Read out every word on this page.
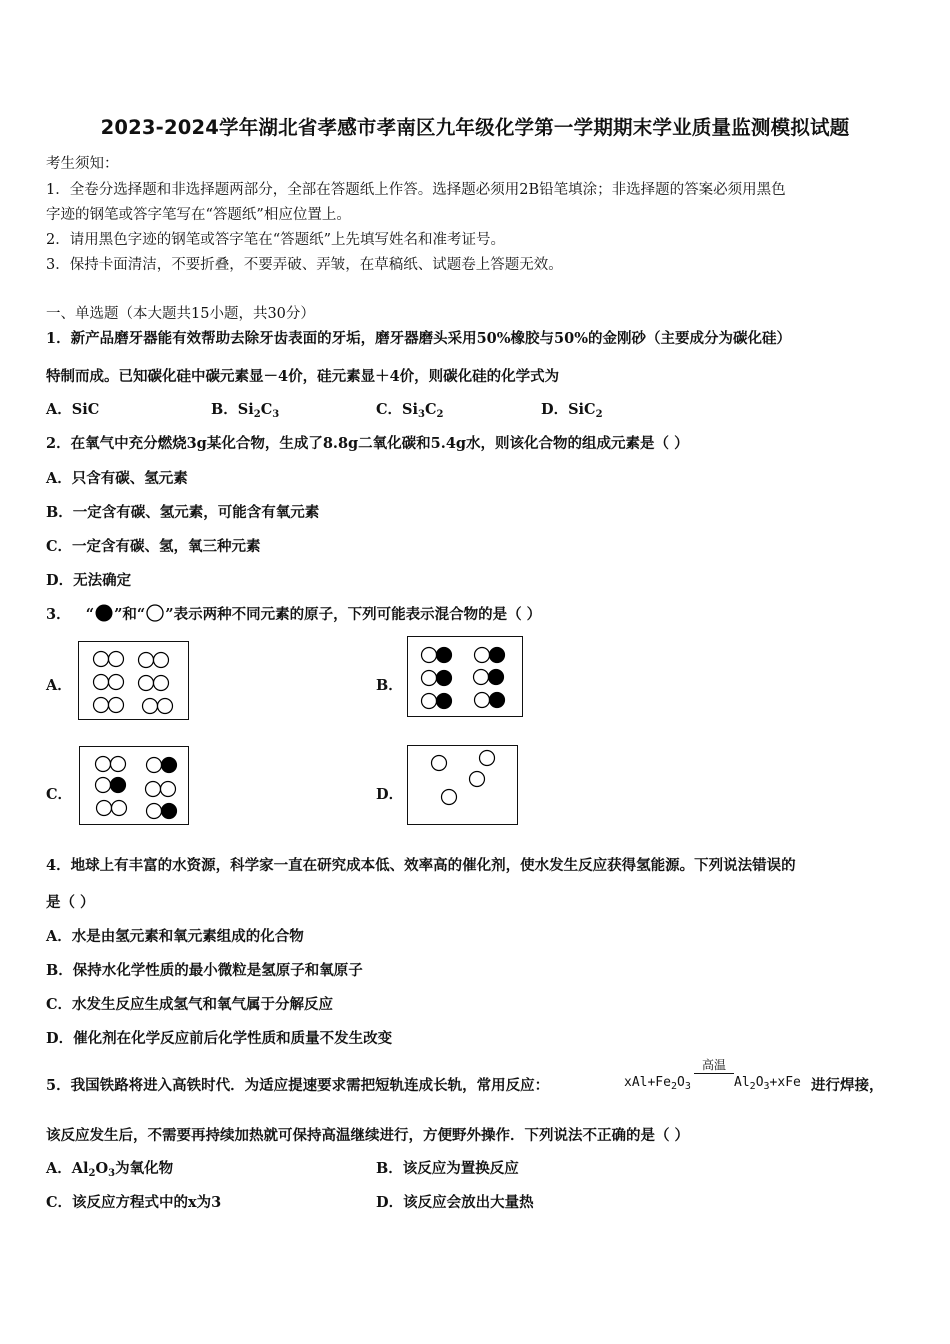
2023-2024学年湖北省孝感市孝南区九年级化学第一学期期末学业质量监测模拟试题
考生须知：
1．全卷分选择题和非选择题两部分，全部在答题纸上作答。选择题必须用2B铅笔填涂；非选择题的答案必须用黑色
字迹的钢笔或答字笔写在“答题纸”相应位置上。
2．请用黑色字迹的钢笔或答字笔在“答题纸”上先填写姓名和准考证号。
3．保持卡面清洁，不要折叠，不要弄破、弄皱，在草稿纸、试题卷上答题无效。
一、单选题（本大题共15小题，共30分）
1．新产品磨牙器能有效帮助去除牙齿表面的牙垢，磨牙器磨头采用50%橡胶与50%的金刚砂（主要成分为碳化硅）
特制而成。已知碳化硅中碳元素显－4价，硅元素显＋4价，则碳化硅的化学式为
A．SiC	B．$Si_2C_3$	C．$Si_3C_2$	D．SiC$_2$
2．在氧气中充分燃烧3g某化合物，生成了8.8g二氧化碳和5.4g水，则该化合物的组成元素是（ ）
A．只含有碳、氢元素
B．一定含有碳、氢元素，可能含有氧元素
C．一定含有碳、氢，氧三种元素
D．无法确定
3． “ ”和“ ”表示两种不同元素的原子，下列可能表示混合物的是（ ）
A．	B．
C．	D．
4．地球上有丰富的水资源，科学家一直在研究成本低、效率高的催化剂，使水发生反应获得氢能源。下列说法错误的
是（ ）
A．水是由氢元素和氧元素组成的化合物
B．保持水化学性质的最小微粒是氢原子和氧原子
C．水发生反应生成氢气和氧气属于分解反应
D．催化剂在化学反应前后化学性质和质量不发生改变
5．我国铁路将进入高铁时代．为适应提速要求需把短轨连成长轨，常用反应：	$xAl+Fe_2O_3$
高温
$Al_2O_3+xFe$ 进行焊接，
该反应发生后，不需要再持续加热就可保持高温继续进行，方便野外操作．下列说法不正确的是（ ）
A．$Al_2O_3$为氧化物	B．该反应为置换反应
C．该反应方程式中的x为3	D．该反应会放出大量热
